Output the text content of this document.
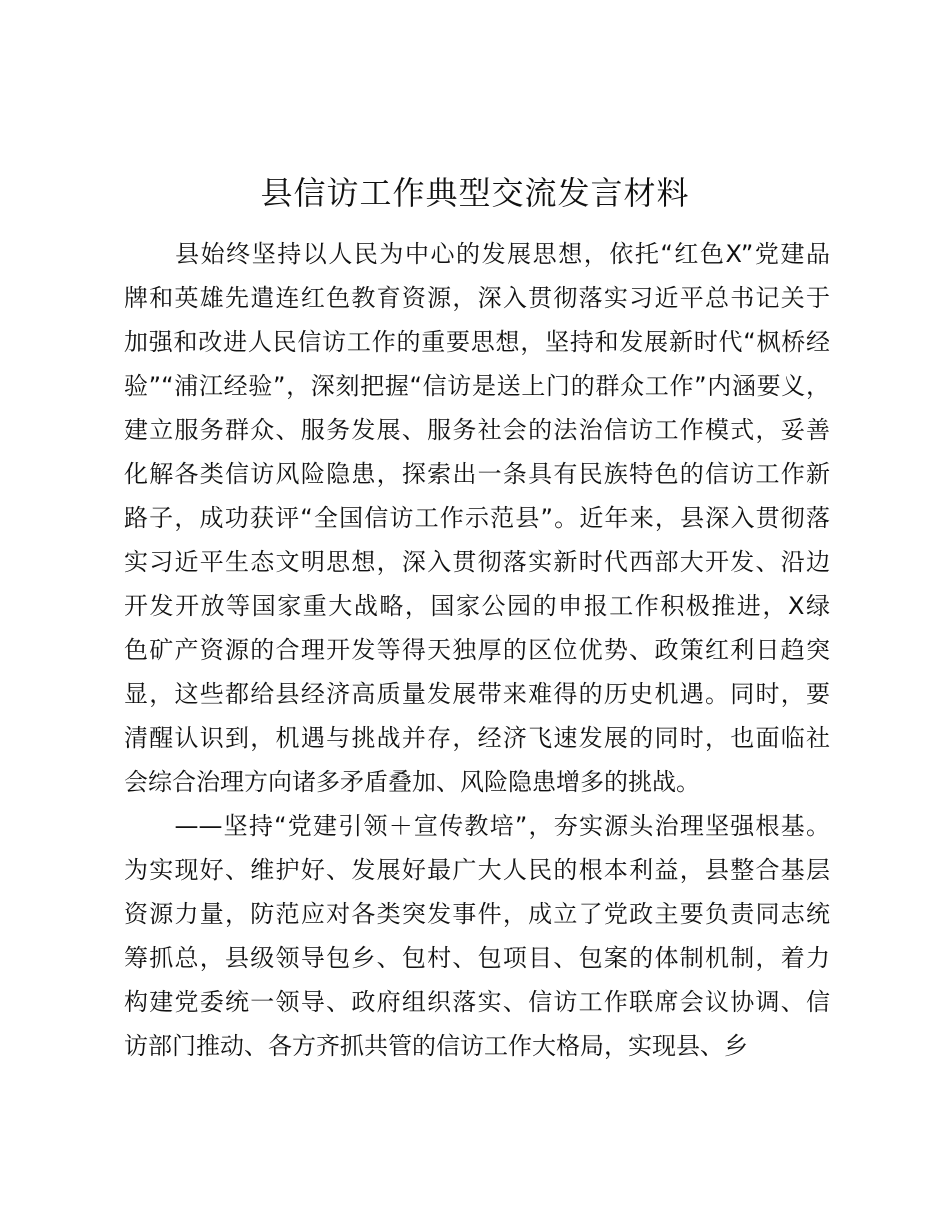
县信访工作典型交流发言材料
　　县始终坚持以人民为中心的发展思想，依托“红色X”党建品
牌和英雄先遣连红色教育资源，深入贯彻落实习近平总书记关于
加强和改进人民信访工作的重要思想，坚持和发展新时代“枫桥经
验”“浦江经验”，深刻把握“信访是送上门的群众工作”内涵要义，
建立服务群众、服务发展、服务社会的法治信访工作模式，妥善
化解各类信访风险隐患，探索出一条具有民族特色的信访工作新
路子，成功获评“全国信访工作示范县”。近年来，县深入贯彻落
实习近平生态文明思想，深入贯彻落实新时代西部大开发、沿边
开发开放等国家重大战略，国家公园的申报工作积极推进，X绿
色矿产资源的合理开发等得天独厚的区位优势、政策红利日趋突
显，这些都给县经济高质量发展带来难得的历史机遇。同时，要
清醒认识到，机遇与挑战并存，经济飞速发展的同时，也面临社
会综合治理方向诸多矛盾叠加、风险隐患增多的挑战。
　　——坚持“党建引领＋宣传教培”，夯实源头治理坚强根基。
为实现好、维护好、发展好最广大人民的根本利益，县整合基层
资源力量，防范应对各类突发事件，成立了党政主要负责同志统
筹抓总，县级领导包乡、包村、包项目、包案的体制机制，着力
构建党委统一领导、政府组织落实、信访工作联席会议协调、信
访部门推动、各方齐抓共管的信访工作大格局，实现县、乡
